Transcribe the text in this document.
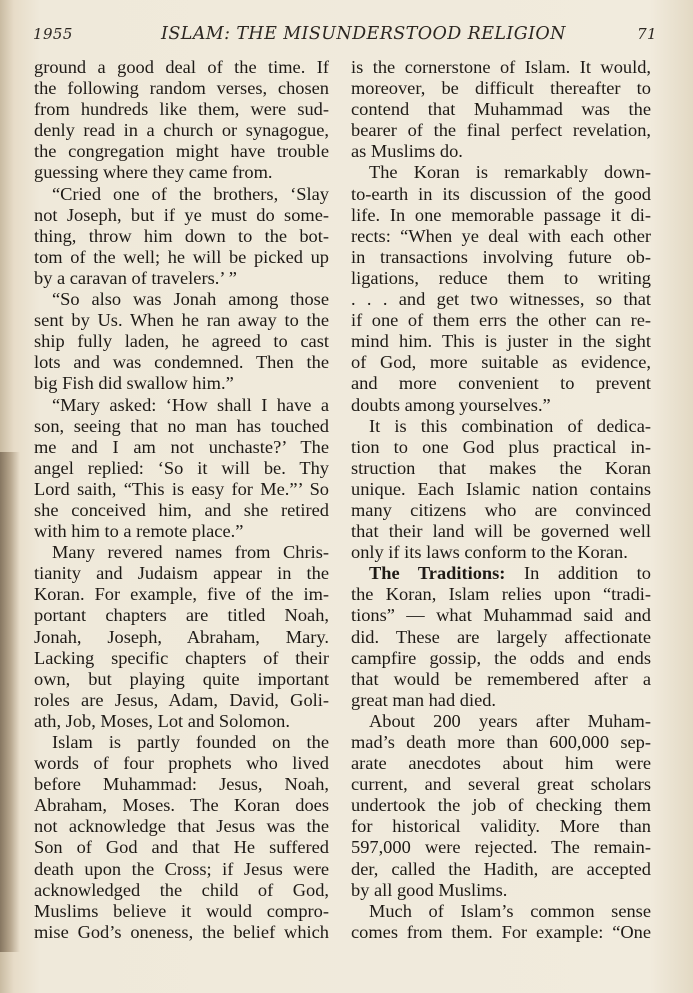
1955	ISLAM: THE MISUNDERSTOOD RELIGION	71
ground a good deal of the time. If
the following random verses, chosen
from hundreds like them, were sud-
denly read in a church or synagogue,
the congregation might have trouble
guessing where they came from.
“Cried one of the brothers, ‘Slay
not Joseph, but if ye must do some-
thing, throw him down to the bot-
tom of the well; he will be picked up
by a caravan of travelers.’ ”
“So also was Jonah among those
sent by Us. When he ran away to the
ship fully laden, he agreed to cast
lots and was condemned. Then the
big Fish did swallow him.”
“Mary asked: ‘How shall I have a
son, seeing that no man has touched
me and I am not unchaste?’ The
angel replied: ‘So it will be. Thy
Lord saith, “This is easy for Me.”’ So
she conceived him, and she retired
with him to a remote place.”
Many revered names from Chris-
tianity and Judaism appear in the
Koran. For example, five of the im-
portant chapters are titled Noah,
Jonah, Joseph, Abraham, Mary.
Lacking specific chapters of their
own, but playing quite important
roles are Jesus, Adam, David, Goli-
ath, Job, Moses, Lot and Solomon.
Islam is partly founded on the
words of four prophets who lived
before Muhammad: Jesus, Noah,
Abraham, Moses. The Koran does
not acknowledge that Jesus was the
Son of God and that He suffered
death upon the Cross; if Jesus were
acknowledged the child of God,
Muslims believe it would compro-
mise God’s oneness, the belief which
is the cornerstone of Islam. It would,
moreover, be difficult thereafter to
contend that Muhammad was the
bearer of the final perfect revelation,
as Muslims do.
The Koran is remarkably down-
to-earth in its discussion of the good
life. In one memorable passage it di-
rects: “When ye deal with each other
in transactions involving future ob-
ligations, reduce them to writing
. . . and get two witnesses, so that
if one of them errs the other can re-
mind him. This is juster in the sight
of God, more suitable as evidence,
and more convenient to prevent
doubts among yourselves.”
It is this combination of dedica-
tion to one God plus practical in-
struction that makes the Koran
unique. Each Islamic nation contains
many citizens who are convinced
that their land will be governed well
only if its laws conform to the Koran.
The Traditions: In addition to
the Koran, Islam relies upon “tradi-
tions” — what Muhammad said and
did. These are largely affectionate
campfire gossip, the odds and ends
that would be remembered after a
great man had died.
About 200 years after Muham-
mad’s death more than 600,000 sep-
arate anecdotes about him were
current, and several great scholars
undertook the job of checking them
for historical validity. More than
597,000 were rejected. The remain-
der, called the Hadith, are accepted
by all good Muslims.
Much of Islam’s common sense
comes from them. For example: “One
